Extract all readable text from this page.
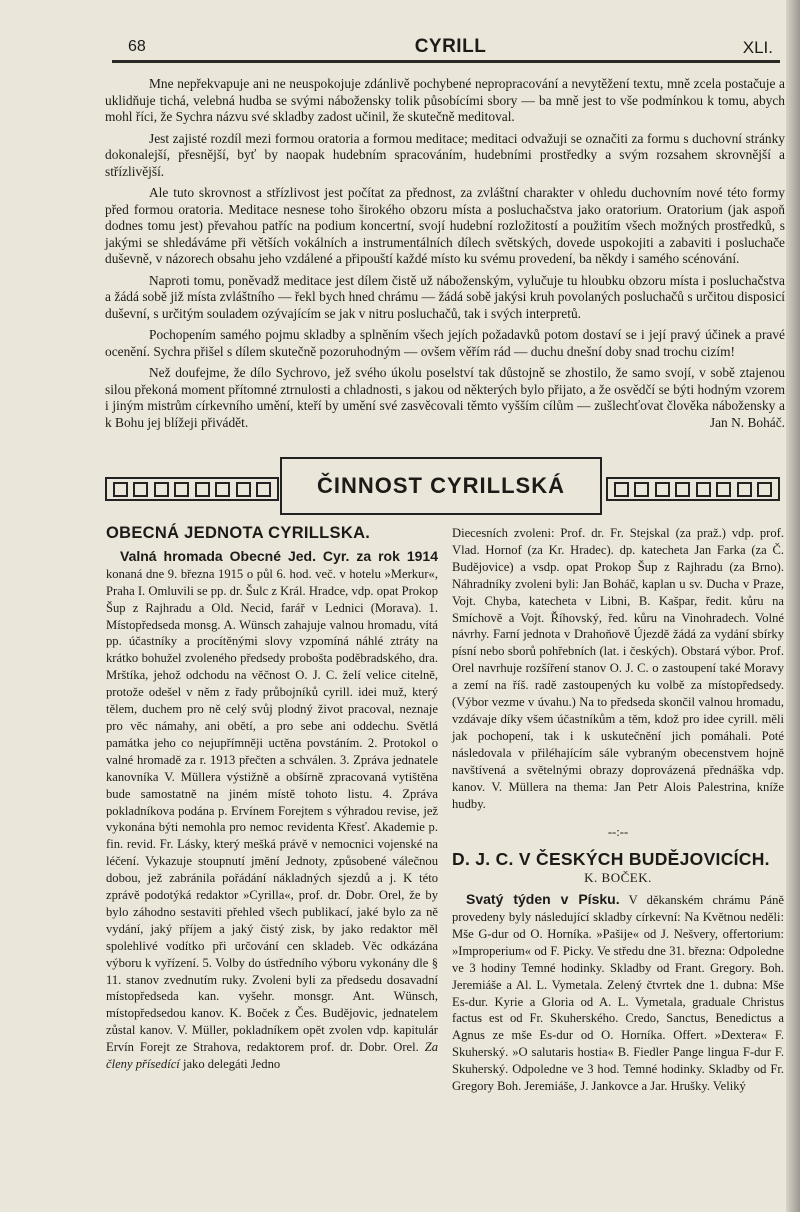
68	CYRILL	XLI.

Mne nepřekvapuje ani ne neuspokojuje zdánlivě pochybené nepropracování a nevytěžení textu, mně zcela postačuje a uklidňuje tichá, velebná hudba se svými nábožensky tolik působícími sbory — ba mně jest to vše podmínkou k tomu, abych mohl říci, že Sychra názvu své skladby zadost učinil, že skutečně meditoval.

Jest zajisté rozdíl mezi formou oratoria a formou meditace; meditaci odvažuji se označiti za formu s duchovní stránky dokonalejší, přesnější, byť by naopak hudebním spracováním, hudebními prostředky a svým rozsahem skrovnější a střízlivější.

Ale tuto skrovnost a střízlivost jest počítat za přednost, za zvláštní charakter v ohledu duchovním nové této formy před formou oratoria. Meditace nesnese toho širokého obzoru místa a posluchačstva jako oratorium. Oratorium (jak aspoň dodnes tomu jest) převahou patříc na podium koncertní, svojí hudební rozložitostí a použitím všech možných prostředků, s jakými se shledáváme při větších vokálních a instrumentálních dílech světských, dovede uspokojiti a zabaviti i posluchače duševně, v názorech obsahu jeho vzdálené a připouští každé místo ku svému provedení, ba někdy i samého scénování.

Naproti tomu, poněvadž meditace jest dílem čistě už náboženským, vylučuje tu hloubku obzoru místa i posluchačstva a žádá sobě již místa zvláštního — řekl bych hned chrámu — žádá sobě jakýsi kruh povolaných posluchačů s určitou disposicí duševní, s určitým souladem ozývajícím se jak v nitru posluchačů, tak i svých interpretů.

Pochopením samého pojmu skladby a splněním všech jejích požadavků potom dostaví se i její pravý účinek a pravé ocenění. Sychra přišel s dílem skutečně pozoruhodným — ovšem věřím rád — duchu dnešní doby snad trochu cizím!

Než doufejme, že dílo Sychrovo, jež svého úkolu poselství tak důstojně se zhostilo, že samo svojí, v sobě ztajenou silou překoná moment přítomné ztrnulosti a chladnosti, s jakou od některých bylo přijato, a že osvědčí se býti hodným vzorem i jiným mistrům církevního umění, kteří by umění své zasvěcovali těmto vyšším cílům — zušlechťovat člověka nábožensky a k Bohu jej blížeji přivádět.	Jan N. Boháč.

ČINNOST CYRILLSKÁ
OBECNÁ JEDNOTA CYRILLSKA.

Valná hromada Obecné Jed. Cyr. za rok 1914 konaná dne 9. března 1915 o půl 6. hod. več. v hotelu »Merkur«, Praha I. Omluvili se pp. dr. Šulc z Král. Hradce, vdp. opat Prokop Šup z Rajhradu a Old. Necid, farář v Lednici (Morava). 1. Místopředseda monsg. A. Wünsch zahajuje valnou hromadu, vítá pp. účastníky a procítěnými slovy vzpomíná náhlé ztráty na krátko bohužel zvoleného předsedy probošta poděbradského, dra. Mrštíka, jehož odchodu na věčnost O. J. C. želí velice citelně, protože odešel v něm z řady průbojníků cyrill. idei muž, který tělem, duchem pro ně celý svůj plodný život pracoval, neznaje pro věc námahy, ani obětí, a pro sebe ani oddechu. Světlá památka jeho co nejupřímněji uctěna povstáním. 2. Protokol o valné hromadě za r. 1913 přečten a schválen. 3. Zpráva jednatele kanovníka V. Müllera výstižně a obšírně zpracovaná vytištěna bude samostatně na jiném místě tohoto listu. 4. Zpráva pokladníkova podána p. Ervínem Forejtem s výhradou revise, jež vykonána býti nemohla pro nemoc revidenta Křesť. Akademie p. fin. revid. Fr. Lásky, který mešká právě v nemocnici vojenské na léčení. Vykazuje stoupnutí jmění Jednoty, způsobené válečnou dobou, jež zabránila pořádání nákladných sjezdů a j. K této zprávě podotýká redaktor »Cyrilla«, prof. dr. Dobr. Orel, že by bylo záhodno sestaviti přehled všech publikací, jaké bylo za ně vydání, jaký příjem a jaký čistý zisk, by jako redaktor měl spolehlivé vodítko při určování cen skladeb. Věc odkázána výboru k vyřízení. 5. Volby do ústředního výboru vykonány dle § 11. stanov zvednutím ruky. Zvoleni byli za předsedu dosavadní místopředseda kan. vyšehr. monsgr. Ant. Wünsch, místopředsedou kanov. K. Boček z Čes. Budějovic, jednatelem zůstal kanov. V. Müller, pokladníkem opět zvolen vdp. kapitulár Ervín Forejt ze Strahova, redaktorem prof. dr. Dobr. Orel. Za členy přísedící jako delegáti Jedno

Diecesních zvoleni: Prof. dr. Fr. Stejskal (za praž.) vdp. prof. Vlad. Hornof (za Kr. Hradec). dp. katecheta Jan Farka (za Č. Budějovice) a vsdp. opat Prokop Šup z Rajhradu (za Brno). Náhradníky zvoleni byli: Jan Boháč, kaplan u sv. Ducha v Praze, Vojt. Chyba, katecheta v Libni, B. Kašpar, ředit. kůru na Smíchově a Vojt. Říhovský, řed. kůru na Vinohradech. Volné návrhy. Farní jednota v Drahoňově Újezdě žádá za vydání sbírky písní nebo sborů pohřebních (lat. i českých). Obstará výbor. Prof. Orel navrhuje rozšíření stanov O. J. C. o zastoupení také Moravy a zemí na říš. radě zastoupených ku volbě za místopředsedy. (Výbor vezme v úvahu.) Na to předseda skončil valnou hromadu, vzdávaje díky všem účastníkům a těm, kdož pro idee cyrill. měli jak pochopení, tak i k uskutečnění jich pomáhali. Poté následovala v přiléhajícím sále vybraným obecenstvem hojně navštívená a světelnými obrazy doprovázená přednáška vdp. kanov. V. Müllera na thema: Jan Petr Alois Palestrina, kníže hudby.

--:--
D. J. C. V ČESKÝCH BUDĚJOVICÍCH.
K. BOČEK.

Svatý týden v Písku. V děkanském chrámu Páně provedeny byly následující skladby církevní: Na Květnou neděli: Mše G-dur od O. Horníka. »Pašije« od J. Nešvery, offertorium: »Improperium« od F. Picky. Ve středu dne 31. března: Odpoledne ve 3 hodiny Temné hodinky. Skladby od Frant. Gregory. Boh. Jeremiáše a Al. L. Vymetala. Zelený čtvrtek dne 1. dubna: Mše Es-dur. Kyrie a Gloria od A. L. Vymetala, graduale Christus factus est od Fr. Skuherského. Credo, Sanctus, Benedictus a Agnus ze mše Es-dur od O. Horníka. Offert. »Dextera« F. Skuherský. »O salutaris hostia« B. Fiedler Pange lingua F-dur F. Skuherský. Odpoledne ve 3 hod. Temné hodinky. Skladby od Fr. Gregory Boh. Jeremiáše, J. Jankovce a Jar. Hrušky. Veliký
